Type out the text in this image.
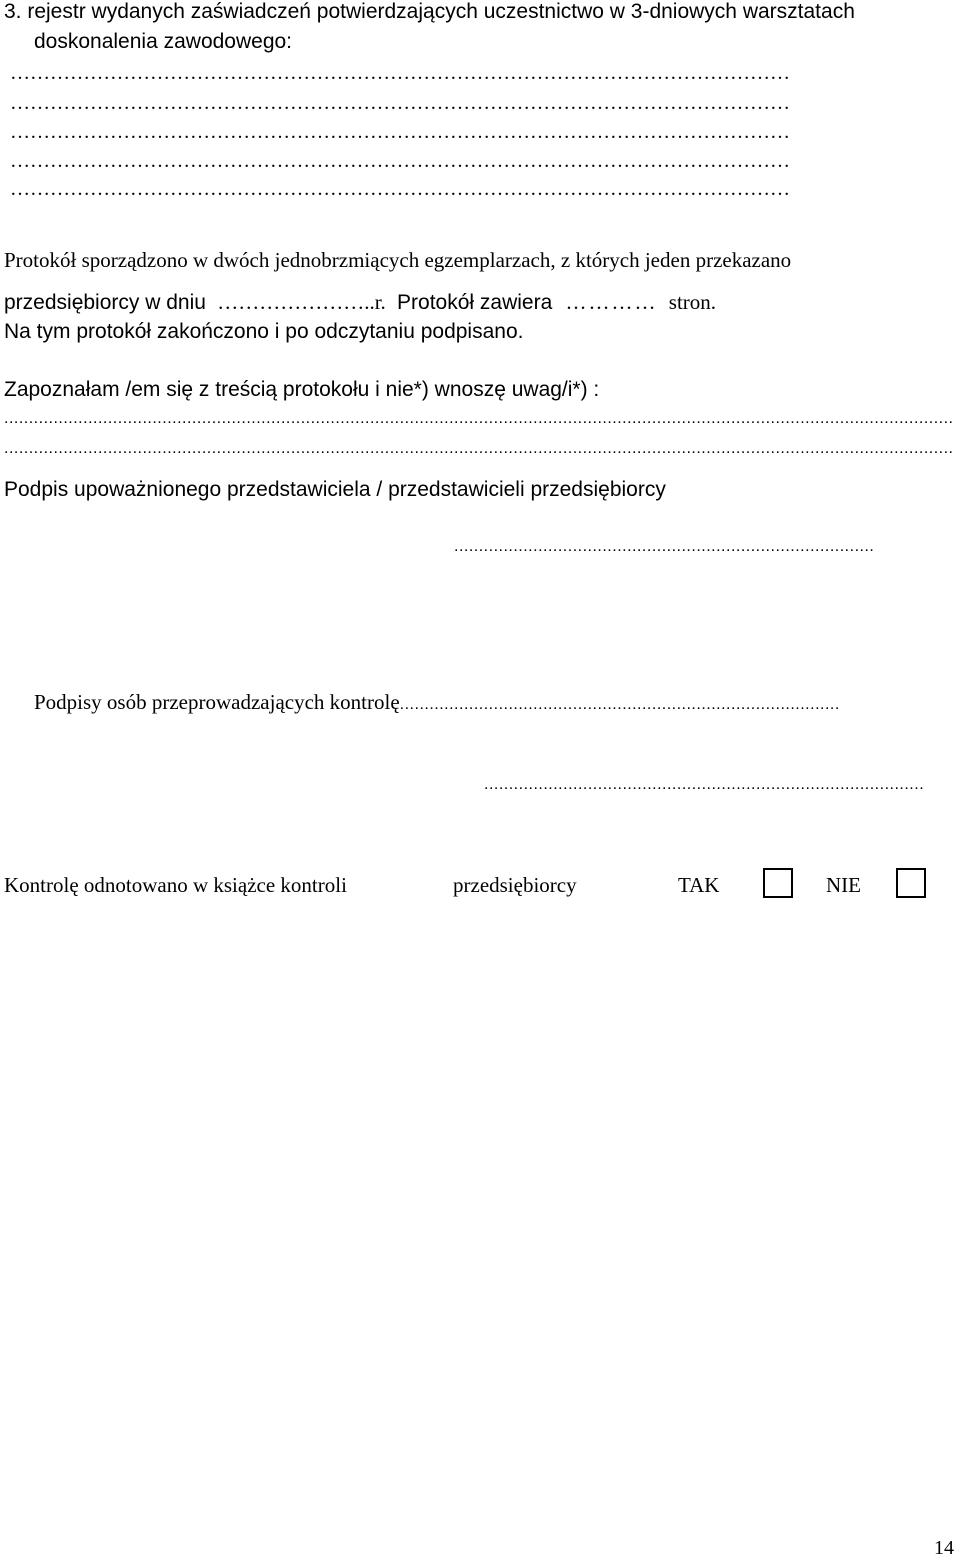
3. rejestr wydanych zaświadczeń potwierdzających uczestnictwo w 3-dniowych warsztatach
doskonalenia zawodowego:
………………………………………………………………………………………………………
………………………………………………………………………………………………………
………………………………………………………………………………………………………
………………………………………………………………………………………………………
………………………………………………………………………………………………………
Protokół sporządzono w dwóch jednobrzmiących egzemplarzach, z których jeden przekazano
przedsiębiorcy w dniu …………………..r. Protokół zawiera ………… stron.
Na tym protokół zakończono i po odczytaniu podpisano.
Zapoznałam /em się z treścią protokołu i nie*) wnoszę uwag/i*) :
................................................................................................................................................................................................
................................................................................................................................................................................................
Podpis upoważnionego przedstawiciela / przedstawicieli przedsiębiorcy
.....................................................................................
Podpisy osób przeprowadzających kontrolę.........................................................................................
.........................................................................................
Kontrolę odnotowano w książce kontroli	przedsiębiorcy	TAK	NIE
14
